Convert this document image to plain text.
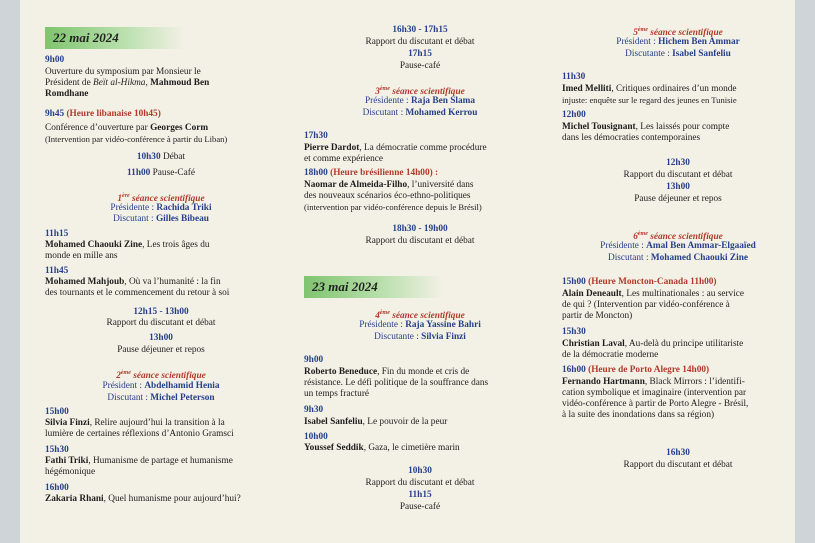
22 mai 2024
9h00
Ouverture du symposium par Monsieur le
Président de Beït al-Hikma, Mahmoud Ben
Romdhane
9h45 (Heure libanaise 10h45)
Conférence d’ouverture par Georges Corm
(Intervention par vidéo-conférence à partir du Liban)
10h30 Débat
11h00 Pause-Café
1ère séance scientifique
Présidente : Rachida Triki
Discutant : Gilles Bibeau
11h15
Mohamed Chaouki Zine, Les trois âges du
monde en mille ans
11h45
Mohamed Mahjoub, Où va l’humanité : la fin
des tournants et le commencement du retour à soi
12h15 - 13h00
Rapport du discutant et débat
13h00
Pause déjeuner et repos
2ème séance scientifique
Président : Abdelhamid Henia
Discutant : Michel Peterson
15h00
Silvia Finzi, Relire aujourd’hui la transition à la
lumière de certaines réflexions d’Antonio Gramsci
15h30
Fathi Triki, Humanisme de partage et humanisme
hégémonique
16h00
Zakaria Rhani, Quel humanisme pour aujourd’hui?
16h30 - 17h15
Rapport du discutant et débat
17h15
Pause-café
3ème séance scientifique
Présidente : Raja Ben Slama
Discutant : Mohamed Kerrou
17h30
Pierre Dardot, La démocratie comme procédure
et comme expérience
18h00 (Heure brésilienne 14h00) :
Naomar de Almeida-Filho, l’université dans
des nouveaux scénarios éco-ethno-politiques
(intervention par vidéo-conférence depuis le Brésil)
18h30 - 19h00
Rapport du discutant et débat
23 mai 2024
4ème séance scientifique
Présidente : Raja Yassine Bahri
Discutante : Silvia Finzi
9h00
Roberto Beneduce, Fin du monde et cris de
résistance. Le défi politique de la souffrance dans
un temps fracturé
9h30
Isabel Sanfeliu, Le pouvoir de la peur
10h00
Youssef Seddik, Gaza, le cimetière marin
10h30
Rapport du discutant et débat
11h15
Pause-café
5ème séance scientifique
Président : Hichem Ben Ammar
Discutante : Isabel Sanfeliu
11h30
Imed Melliti, Critiques ordinaires d’un monde
injuste: enquête sur le regard des jeunes en Tunisie
12h00
Michel Tousignant, Les laissés pour compte
dans les démocraties contemporaines
12h30
Rapport du discutant et débat
13h00
Pause déjeuner et repos
6ème séance scientifique
Présidente : Amal Ben Ammar-Elgaaïed
Discutant : Mohamed Chaouki Zine
15h00 (Heure Moncton-Canada 11h00)
Alain Deneault, Les multinationales : au service
de qui ? (Intervention par vidéo-conférence à
partir de Moncton)
15h30
Christian Laval, Au-delà du principe utilitariste
de la démocratie moderne
16h00 (Heure de Porto Alegre 14h00)
Fernando Hartmann, Black Mirrors : l’identifi-
cation symbolique et imaginaire (intervention par
vidéo-conférence à partir de Porto Alegre - Brésil,
à la suite des inondations dans sa région)
16h30
Rapport du discutant et débat
